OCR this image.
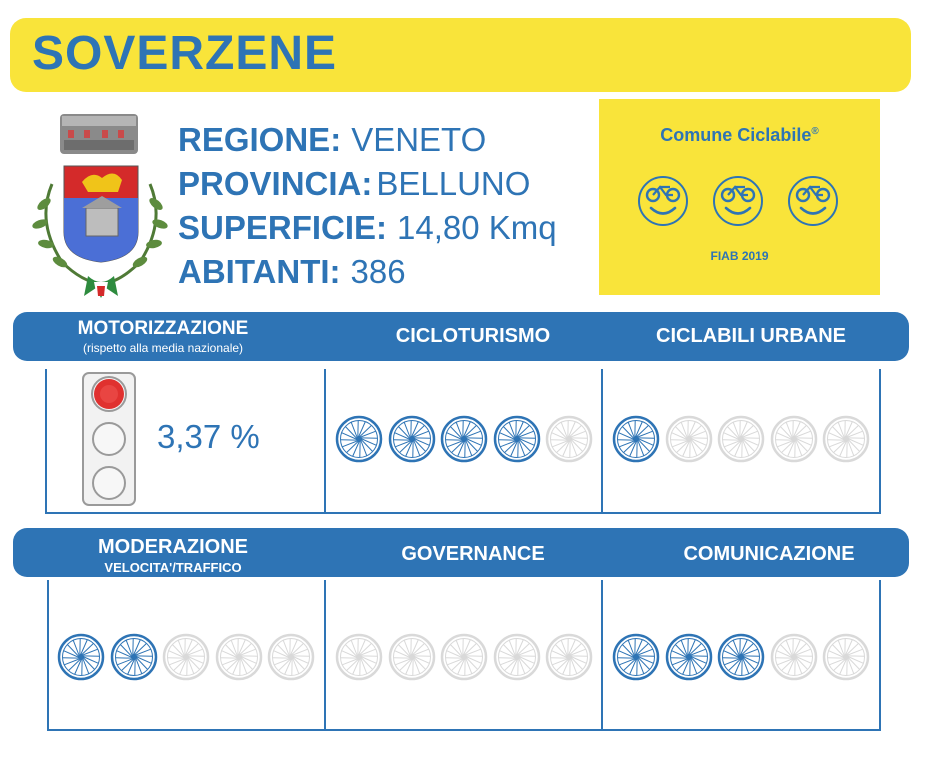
SOVERZENE
REGIONE: VENETO
PROVINCIA: BELLUNO
SUPERFICIE: 14,80 Kmq
ABITANTI: 386
Comune Ciclabile®
FIAB 2019
MOTORIZZAZIONE
(rispetto alla media nazionale)
CICLOTURISMO	CICLABILI URBANE
3,37 %
MODERAZIONE
VELOCITA'/TRAFFICO
GOVERNANCE	COMUNICAZIONE
